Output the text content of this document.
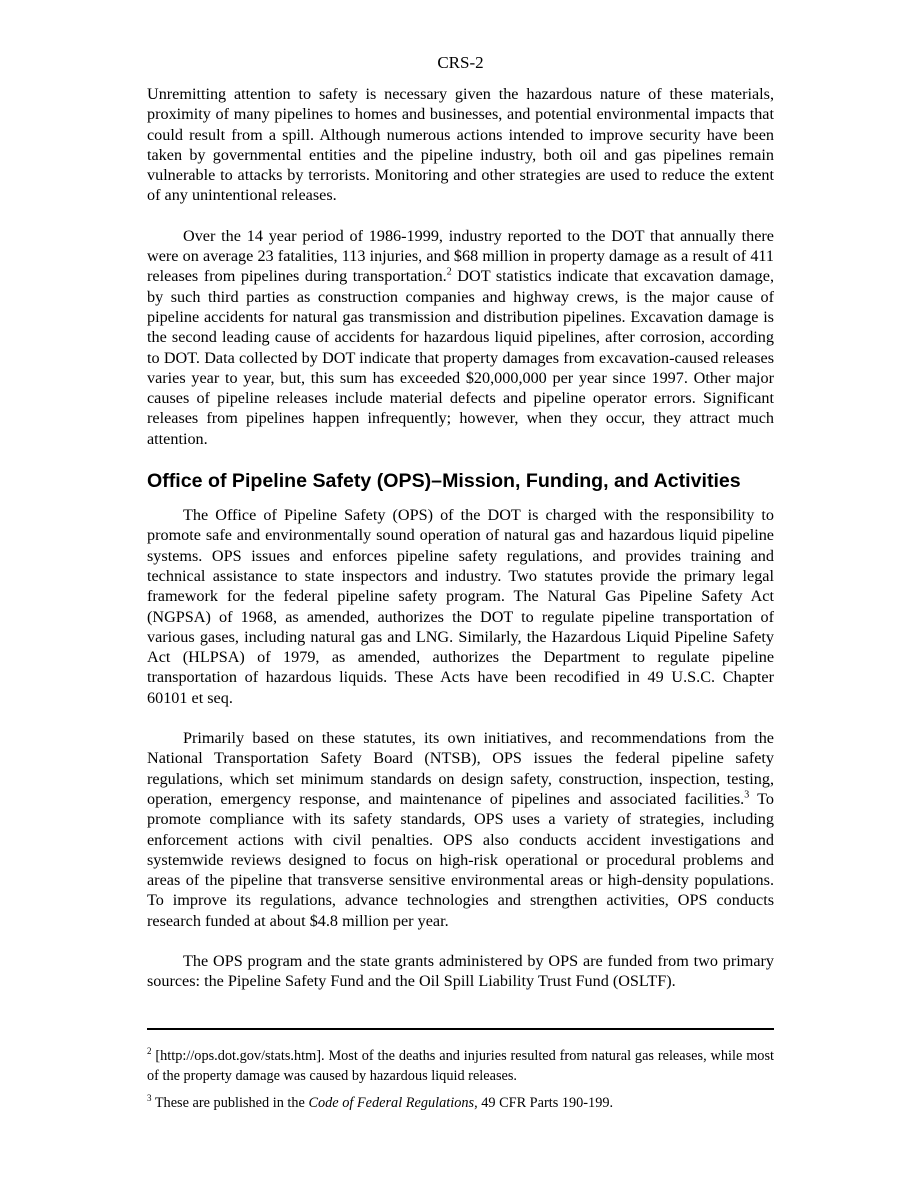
CRS-2

Unremitting attention to safety is necessary given the hazardous nature of these materials, proximity of many pipelines to homes and businesses, and potential environmental impacts that could result from a spill. Although numerous actions intended to improve security have been taken by governmental entities and the pipeline industry, both oil and gas pipelines remain vulnerable to attacks by terrorists. Monitoring and other strategies are used to reduce the extent of any unintentional releases.

Over the 14 year period of 1986-1999, industry reported to the DOT that annually there were on average 23 fatalities, 113 injuries, and $68 million in property damage as a result of 411 releases from pipelines during transportation.$^2$ DOT statistics indicate that excavation damage, by such third parties as construction companies and highway crews, is the major cause of pipeline accidents for natural gas transmission and distribution pipelines. Excavation damage is the second leading cause of accidents for hazardous liquid pipelines, after corrosion, according to DOT. Data collected by DOT indicate that property damages from excavation-caused releases varies year to year, but, this sum has exceeded $20,000,000 per year since 1997. Other major causes of pipeline releases include material defects and pipeline operator errors. Significant releases from pipelines happen infrequently; however, when they occur, they attract much attention.

Office of Pipeline Safety (OPS)–Mission, Funding, and Activities

The Office of Pipeline Safety (OPS) of the DOT is charged with the responsibility to promote safe and environmentally sound operation of natural gas and hazardous liquid pipeline systems. OPS issues and enforces pipeline safety regulations, and provides training and technical assistance to state inspectors and industry. Two statutes provide the primary legal framework for the federal pipeline safety program. The Natural Gas Pipeline Safety Act (NGPSA) of 1968, as amended, authorizes the DOT to regulate pipeline transportation of various gases, including natural gas and LNG. Similarly, the Hazardous Liquid Pipeline Safety Act (HLPSA) of 1979, as amended, authorizes the Department to regulate pipeline transportation of hazardous liquids. These Acts have been recodified in 49 U.S.C. Chapter 60101 et seq.

Primarily based on these statutes, its own initiatives, and recommendations from the National Transportation Safety Board (NTSB), OPS issues the federal pipeline safety regulations, which set minimum standards on design safety, construction, inspection, testing, operation, emergency response, and maintenance of pipelines and associated facilities.$^3$ To promote compliance with its safety standards, OPS uses a variety of strategies, including enforcement actions with civil penalties. OPS also conducts accident investigations and systemwide reviews designed to focus on high-risk operational or procedural problems and areas of the pipeline that transverse sensitive environmental areas or high-density populations. To improve its regulations, advance technologies and strengthen activities, OPS conducts research funded at about $4.8 million per year.

The OPS program and the state grants administered by OPS are funded from two primary sources: the Pipeline Safety Fund and the Oil Spill Liability Trust Fund (OSLTF).

$^2$ [http://ops.dot.gov/stats.htm]. Most of the deaths and injuries resulted from natural gas releases, while most of the property damage was caused by hazardous liquid releases.

$^3$ These are published in the Code of Federal Regulations, 49 CFR Parts 190-199.
